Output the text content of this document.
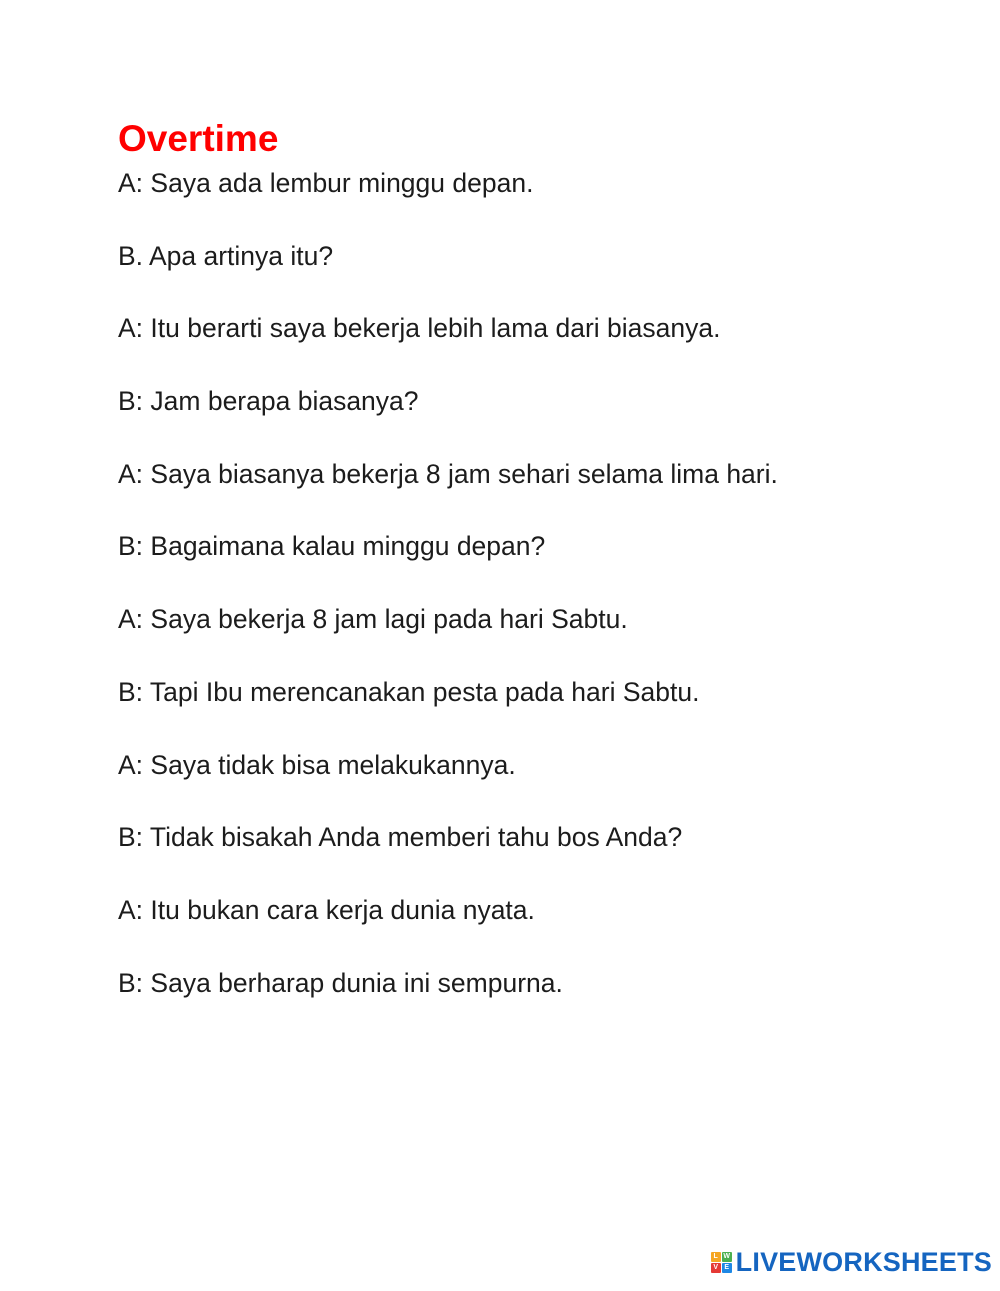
Overtime
A: Saya ada lembur minggu depan.
B. Apa artinya itu?
A: Itu berarti saya bekerja lebih lama dari biasanya.
B: Jam berapa biasanya?
A: Saya biasanya bekerja 8 jam sehari selama lima hari.
B: Bagaimana kalau minggu depan?
A: Saya bekerja 8 jam lagi pada hari Sabtu.
B: Tapi Ibu merencanakan pesta pada hari Sabtu.
A: Saya tidak bisa melakukannya.
B: Tidak bisakah Anda memberi tahu bos Anda?
A: Itu bukan cara kerja dunia nyata.
B: Saya berharap dunia ini sempurna.
L W
V E LIVEWORKSHEETS
